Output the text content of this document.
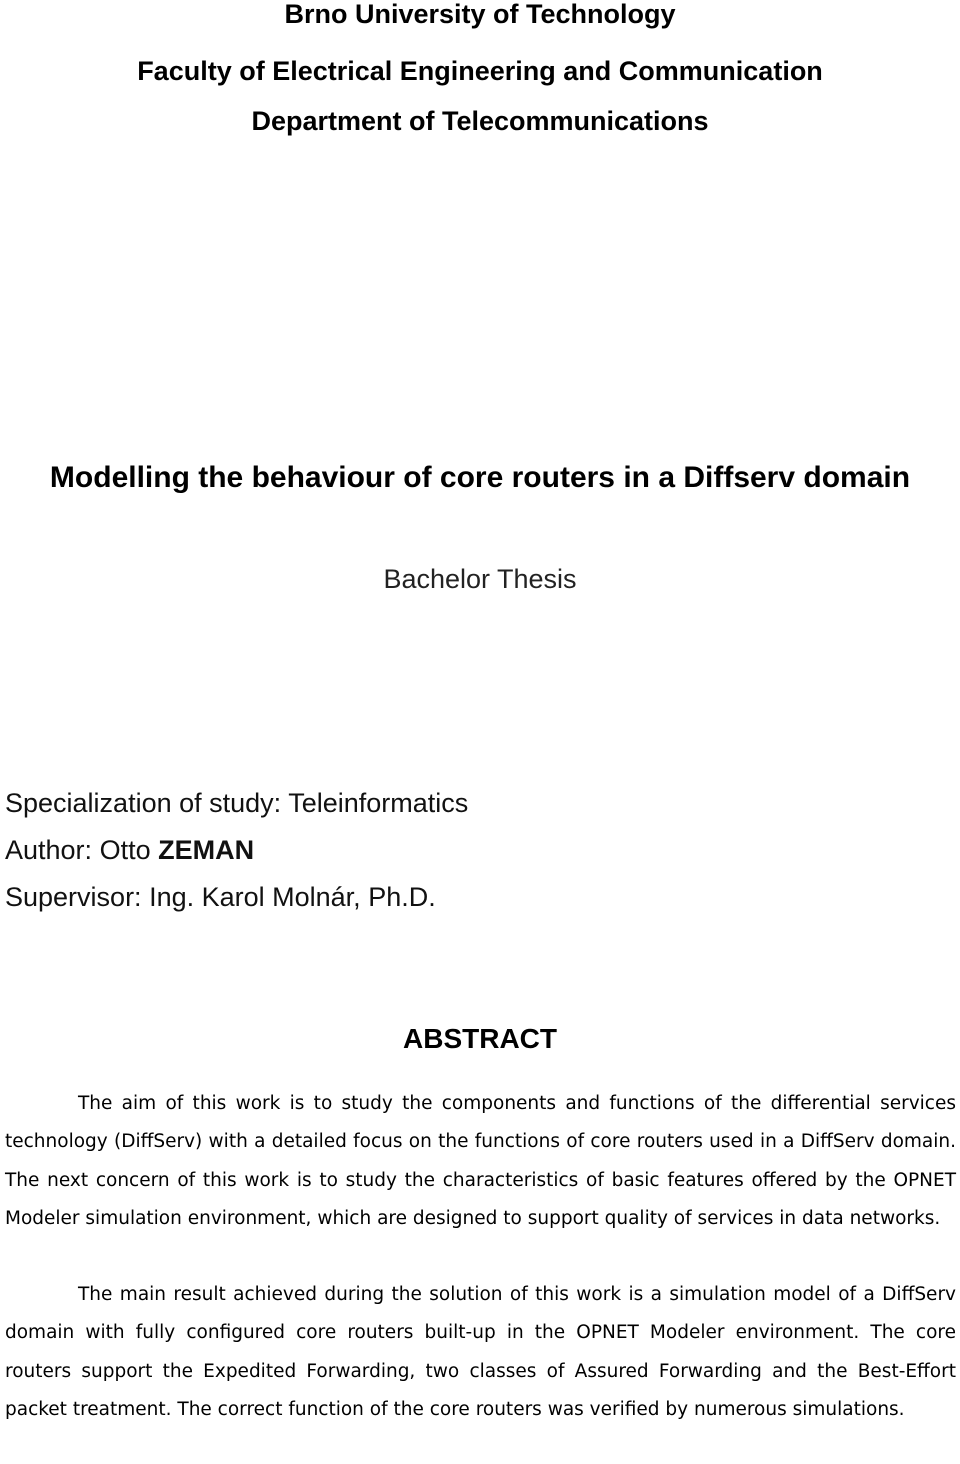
Brno University of Technology
Faculty of Electrical Engineering and Communication
Department of Telecommunications
Modelling the behaviour of core routers in a Diffserv domain
Bachelor Thesis
Specialization of study: Teleinformatics
Author: Otto ZEMAN
Supervisor: Ing. Karol Molnár, Ph.D.
ABSTRACT

The aim of this work is to study the components and functions of the differential services technology (DiffServ) with a detailed focus on the functions of core routers used in a DiffServ domain. The next concern of this work is to study the characteristics of basic features offered by the OPNET Modeler simulation environment, which are designed to support quality of services in data networks.

The main result achieved during the solution of this work is a simulation model of a DiffServ domain with fully configured core routers built-up in the OPNET Modeler environment. The core routers support the Expedited Forwarding, two classes of Assured Forwarding and the Best-Effort packet treatment. The correct function of the core routers was verified by numerous simulations.
